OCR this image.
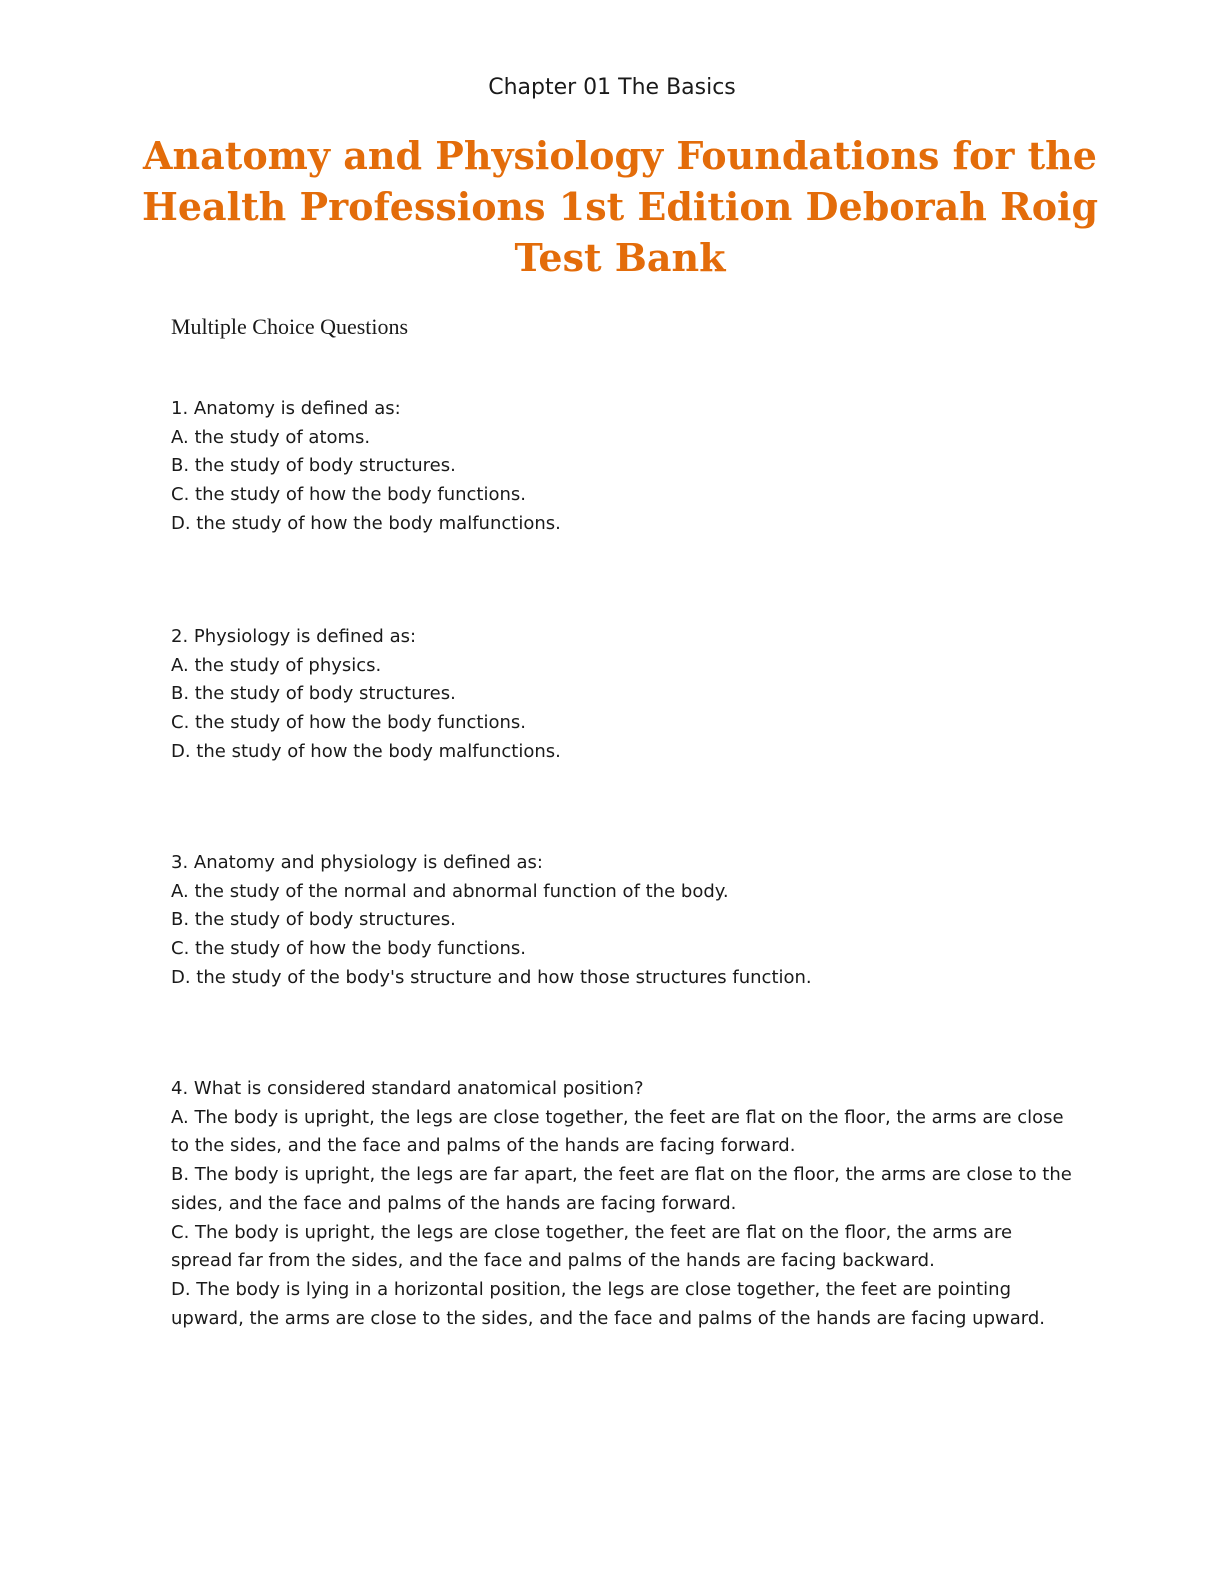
Chapter 01 The Basics
Anatomy and Physiology Foundations for the Health Professions 1st Edition Deborah Roig Test Bank
Multiple Choice Questions
1. Anatomy is defined as:
A. the study of atoms.
B. the study of body structures.
C. the study of how the body functions.
D. the study of how the body malfunctions.
2. Physiology is defined as:
A. the study of physics.
B. the study of body structures.
C. the study of how the body functions.
D. the study of how the body malfunctions.
3. Anatomy and physiology is defined as:
A. the study of the normal and abnormal function of the body.
B. the study of body structures.
C. the study of how the body functions.
D. the study of the body's structure and how those structures function.
4. What is considered standard anatomical position?
A. The body is upright, the legs are close together, the feet are flat on the floor, the arms are close to the sides, and the face and palms of the hands are facing forward.
B. The body is upright, the legs are far apart, the feet are flat on the floor, the arms are close to the sides, and the face and palms of the hands are facing forward.
C. The body is upright, the legs are close together, the feet are flat on the floor, the arms are spread far from the sides, and the face and palms of the hands are facing backward.
D. The body is lying in a horizontal position, the legs are close together, the feet are pointing upward, the arms are close to the sides, and the face and palms of the hands are facing upward.
